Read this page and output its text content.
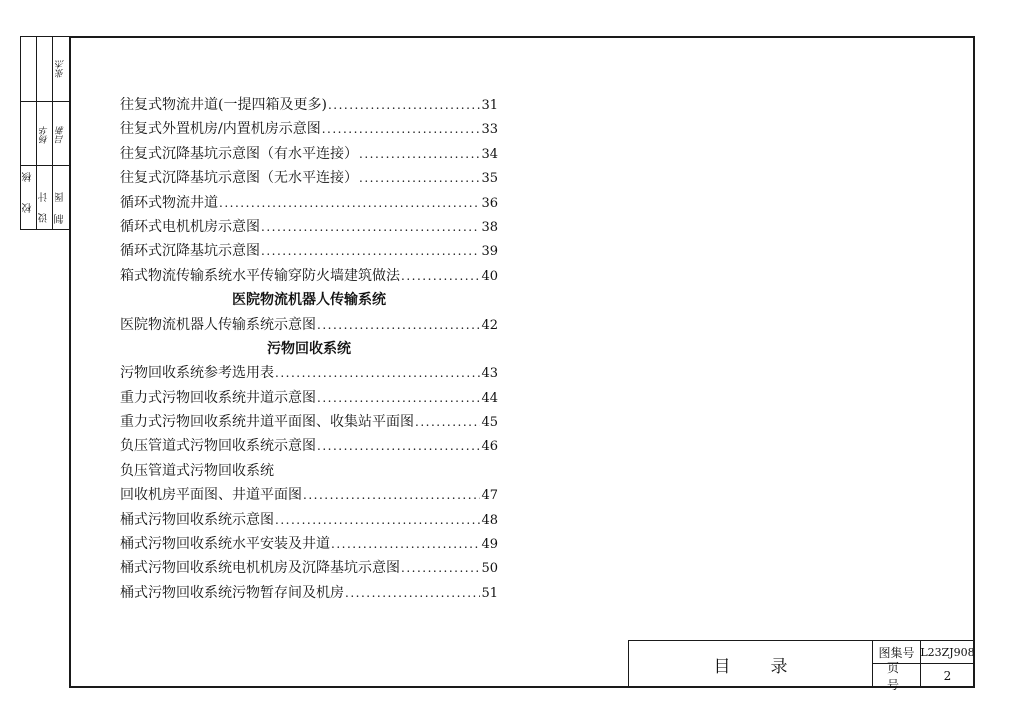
校
核
设
计
杨华
制
图
张杰
吕新
往复式物流井道(一提四箱及更多) .....	31
往复式外置机房/内置机房示意图 .....	33
往复式沉降基坑示意图（有水平连接） .....	34
往复式沉降基坑示意图（无水平连接） .....	35
循环式物流井道 .....	36
循环式电机机房示意图 .....	38
循环式沉降基坑示意图 .....	39
箱式物流传输系统水平传输穿防火墙建筑做法 .....	40
医院物流机器人传输系统
医院物流机器人传输系统示意图 .....	42
污物回收系统
污物回收系统参考选用表 .....	43
重力式污物回收系统井道示意图 .....	44
重力式污物回收系统井道平面图、收集站平面图 .....	45
负压管道式污物回收系统示意图 .....	46
负压管道式污物回收系统
回收机房平面图、井道平面图 .....	47
桶式污物回收系统示意图 .....	48
桶式污物回收系统水平安装及井道 .....	49
桶式污物回收系统电机机房及沉降基坑示意图 .....	50
桶式污物回收系统污物暂存间及机房 .....	51
目录
图集号 L23ZJ908
页号
2
